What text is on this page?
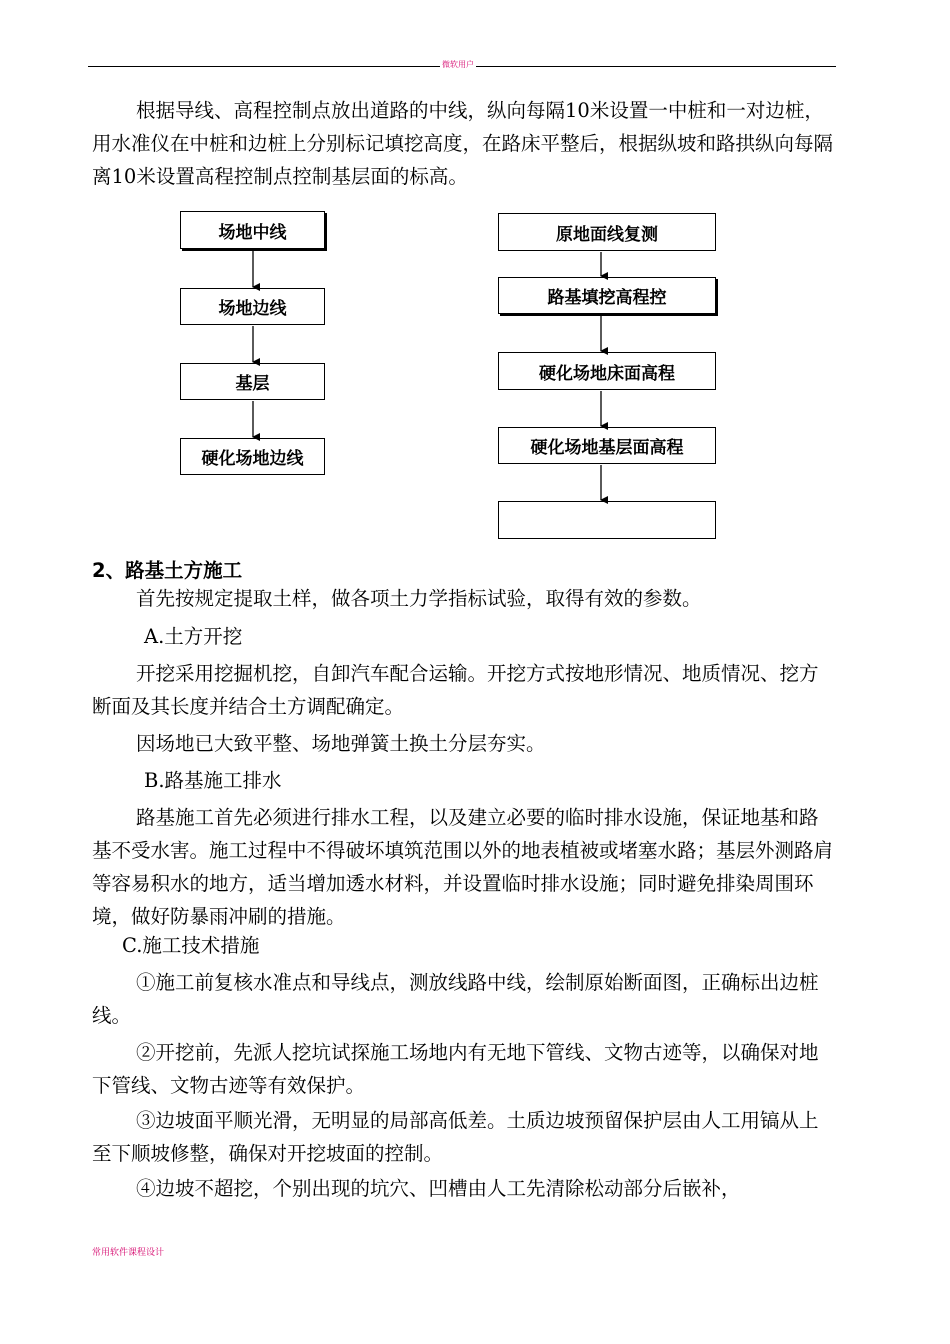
微软用户

根据导线、高程控制点放出道路的中线，纵向每隔10米设置一中桩和一对边桩，用水准仪在中桩和边桩上分别标记填挖高度，在路床平整后，根据纵坡和路拱纵向每隔离10米设置高程控制点控制基层面的标高。

场地中线
场地边线
基层
硬化场地边线
原地面线复测
路基填挖高程控
硬化场地床面高程
硬化场地基层面高程
2、路基土方施工

首先按规定提取土样，做各项土力学指标试验，取得有效的参数。

A.土方开挖

开挖采用挖掘机挖，自卸汽车配合运输。开挖方式按地形情况、地质情况、挖方断面及其长度并结合土方调配确定。

因场地已大致平整、场地弹簧土换土分层夯实。

B.路基施工排水

路基施工首先必须进行排水工程，以及建立必要的临时排水设施，保证地基和路基不受水害。施工过程中不得破坏填筑范围以外的地表植被或堵塞水路；基层外测路肩等容易积水的地方，适当增加透水材料，并设置临时排水设施；同时避免排染周围环境，做好防暴雨冲刷的措施。

C.施工技术措施

①施工前复核水准点和导线点，测放线路中线，绘制原始断面图，正确标出边桩线。

②开挖前，先派人挖坑试探施工场地内有无地下管线、文物古迹等，以确保对地下管线、文物古迹等有效保护。

③边坡面平顺光滑，无明显的局部高低差。土质边坡预留保护层由人工用镐从上至下顺坡修整，确保对开挖坡面的控制。

④边坡不超挖，个别出现的坑穴、凹槽由人工先清除松动部分后嵌补，

常用软件课程设计
